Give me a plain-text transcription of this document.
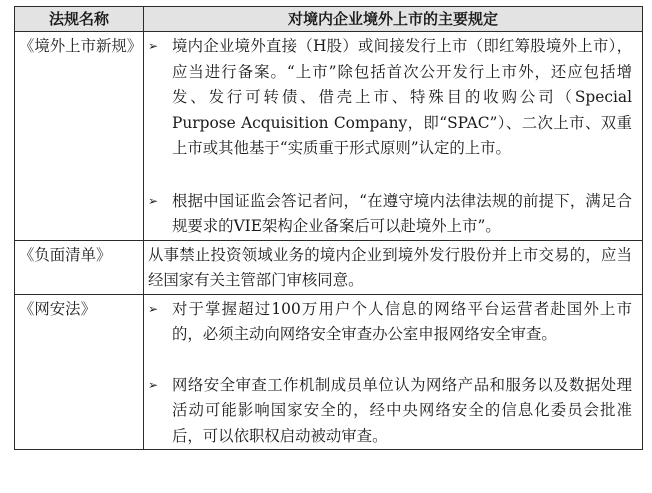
法规名称	对境内企业境外上市的主要规定
《境外上市新规》	➢ 境内企业境外直接（H股）或间接发行上市（即红筹股境外上市），应当进行备案。“上市”除包括首次公开发行上市外，还应包括增发、发行可转债、借壳上市、特殊目的收购公司（Special Purpose Acquisition Company，即“SPAC”）、二次上市、双重上市或其他基于“实质重于形式原则”认定的上市。
➢ 根据中国证监会答记者问，“在遵守境内法律法规的前提下，满足合规要求的VIE架构企业备案后可以赴境外上市”。

《负面清单》	从事禁止投资领域业务的境内企业到境外发行股份并上市交易的，应当经国家有关主管部门审核同意。

《网安法》	➢ 对于掌握超过100万用户个人信息的网络平台运营者赴国外上市的，必须主动向网络安全审查办公室申报网络安全审查。
➢ 网络安全审查工作机制成员单位认为网络产品和服务以及数据处理活动可能影响国家安全的，经中央网络安全的信息化委员会批准后，可以依职权启动被动审查。
